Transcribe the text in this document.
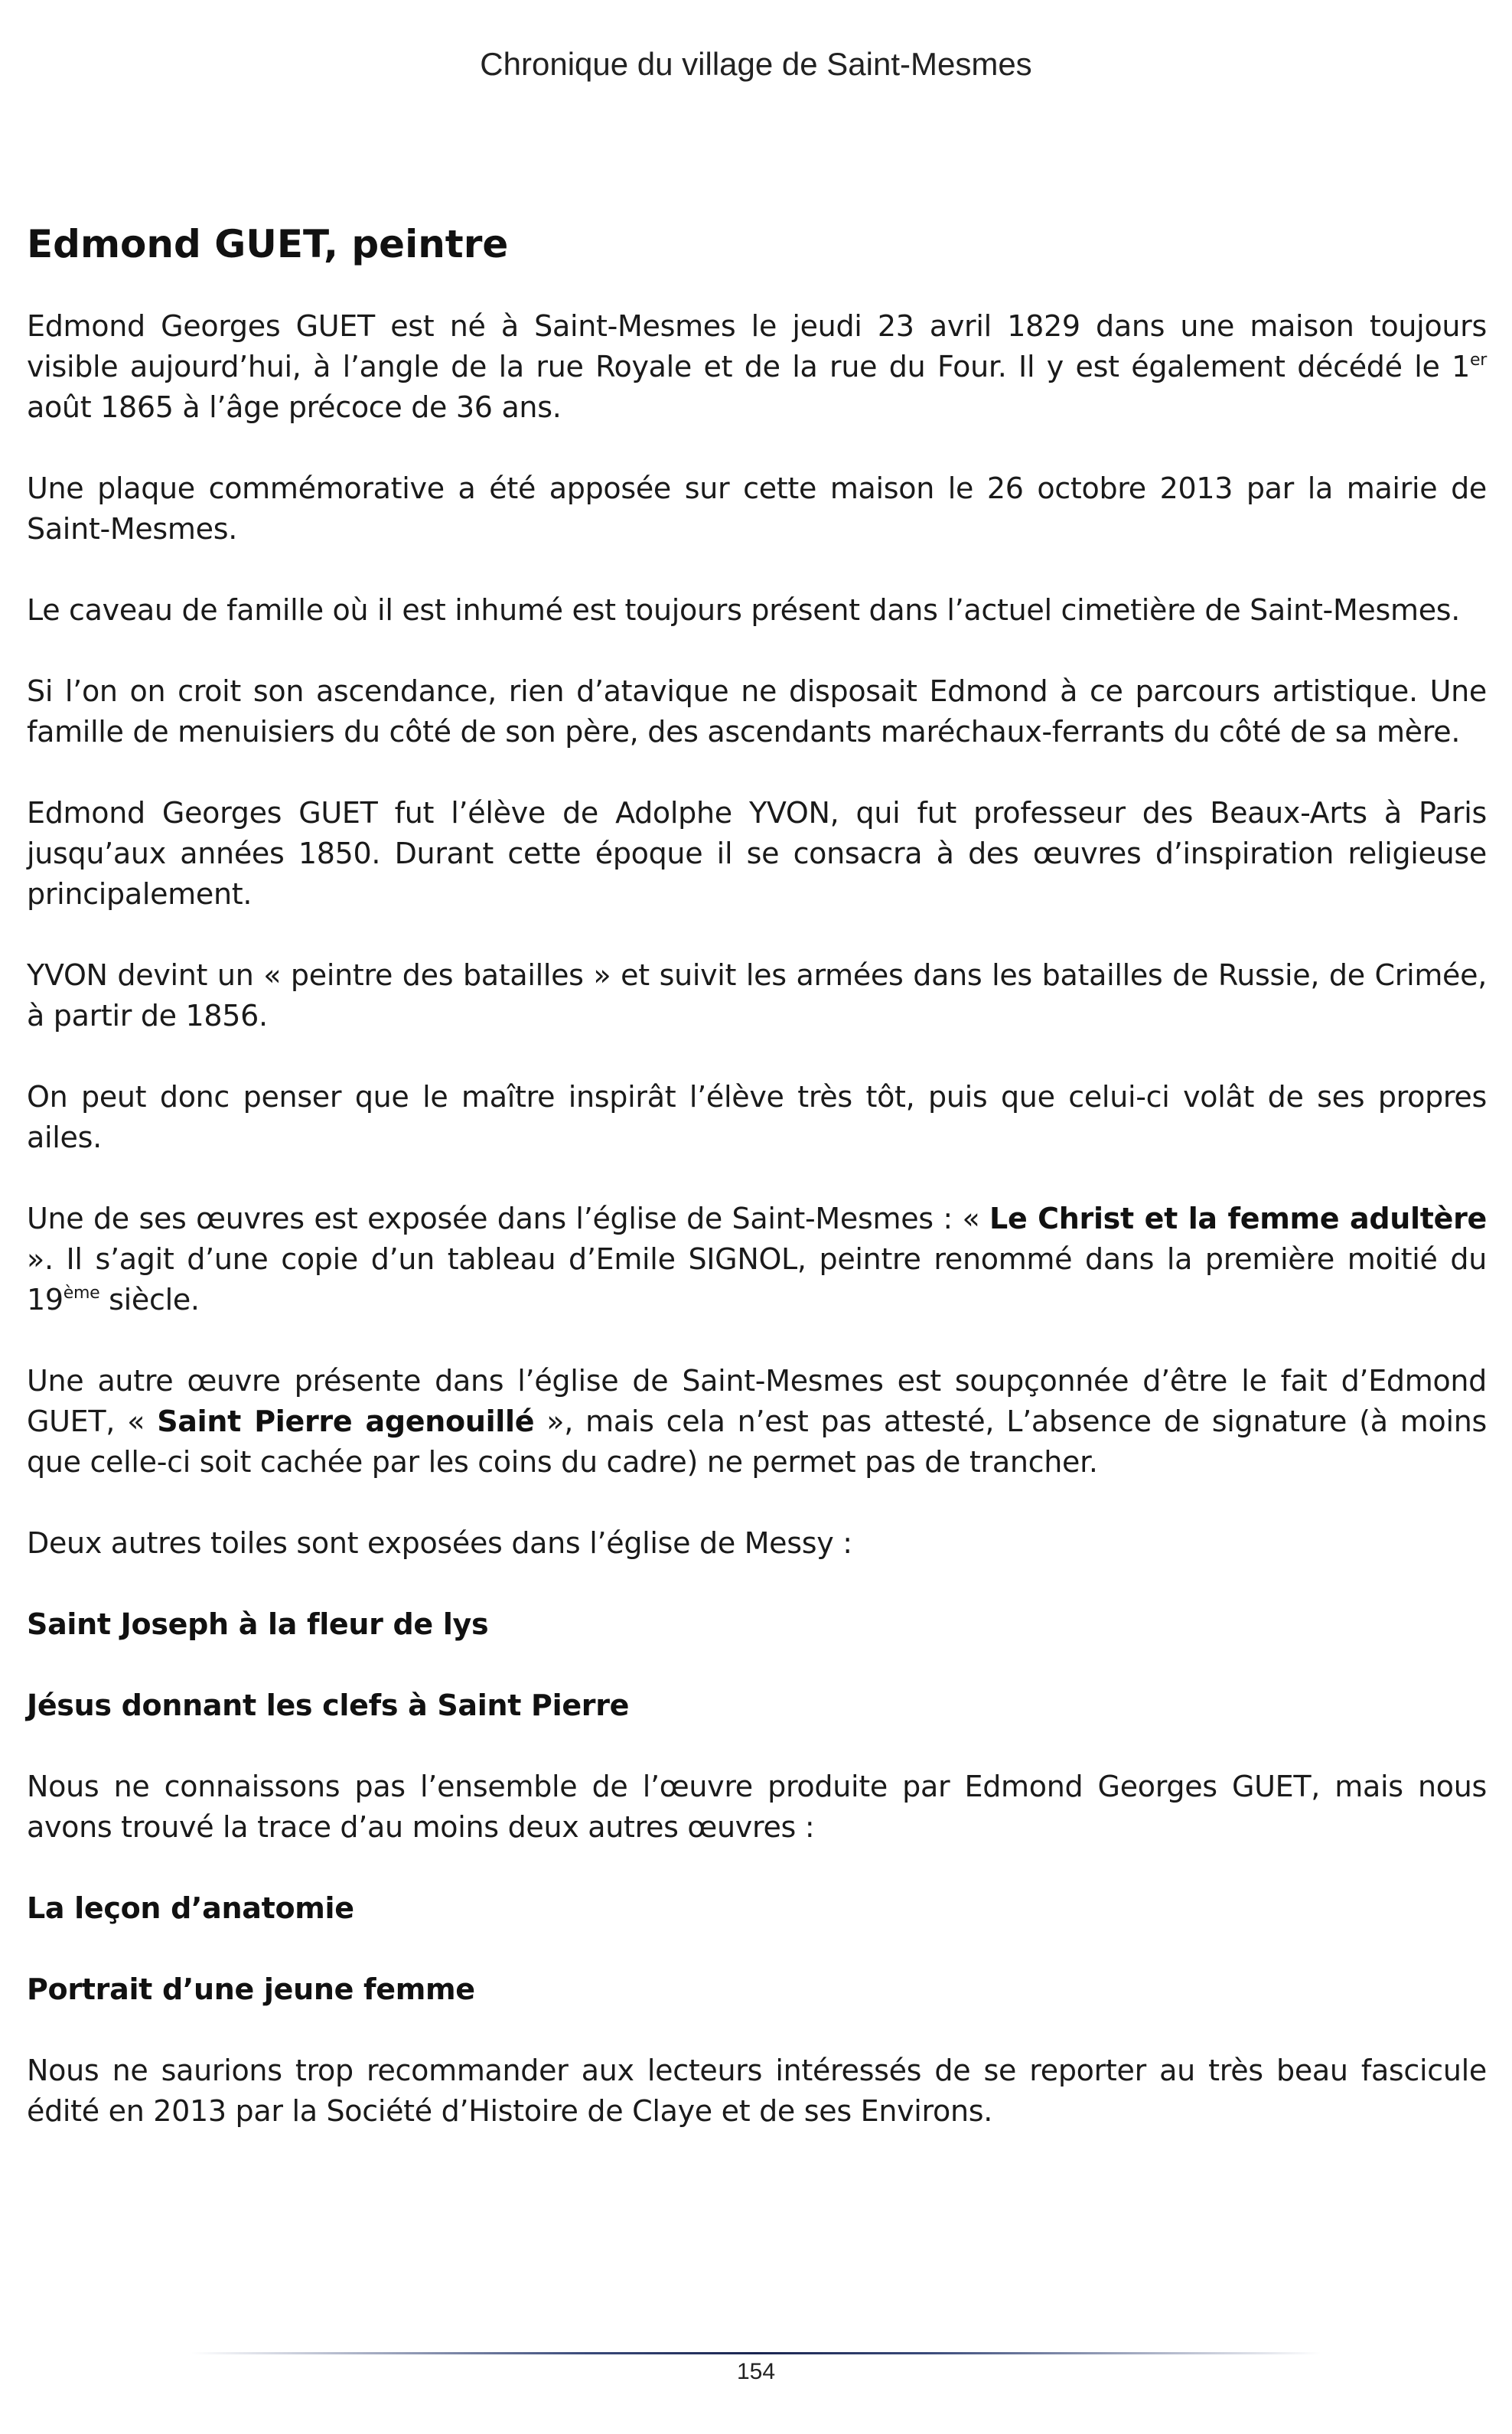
Chronique du village de Saint-Mesmes
Edmond GUET, peintre

Edmond Georges GUET est né à Saint-Mesmes le jeudi 23 avril 1829 dans une maison toujours visible aujourd’hui, à l’angle de la rue Royale et de la rue du Four. Il y est également décédé le 1er août 1865 à l’âge précoce de 36 ans.

Une plaque commémorative a été apposée sur cette maison le 26 octobre 2013 par la mairie de Saint-Mesmes.

Le caveau de famille où il est inhumé est toujours présent dans l’actuel cimetière de Saint-Mesmes.

Si l’on on croit son ascendance, rien d’atavique ne disposait Edmond à ce parcours artistique. Une famille de menuisiers du côté de son père, des ascendants maréchaux-ferrants du côté de sa mère.

Edmond Georges GUET fut l’élève de Adolphe YVON, qui fut professeur des Beaux-Arts à Paris jusqu’aux années 1850. Durant cette époque il se consacra à des œuvres d’inspiration religieuse principalement.

YVON devint un « peintre des batailles » et suivit les armées dans les batailles de Russie, de Crimée, à partir de 1856.

On peut donc penser que le maître inspirât l’élève très tôt, puis que celui-ci volât de ses propres ailes.

Une de ses œuvres est exposée dans l’église de Saint-Mesmes : « Le Christ et la femme adultère ». Il s’agit d’une copie d’un tableau d’Emile SIGNOL, peintre renommé dans la première moitié du 19ème siècle.

Une autre œuvre présente dans l’église de Saint-Mesmes est soupçonnée d’être le fait d’Edmond GUET, « Saint Pierre agenouillé », mais cela n’est pas attesté, L’absence de signature (à moins que celle-ci soit cachée par les coins du cadre) ne permet pas de trancher.

Deux autres toiles sont exposées dans l’église de Messy :

Saint Joseph à la fleur de lys

Jésus donnant les clefs à Saint Pierre

Nous ne connaissons pas l’ensemble de l’œuvre produite par Edmond Georges GUET, mais nous avons trouvé la trace d’au moins deux autres œuvres :

La leçon d’anatomie

Portrait d’une jeune femme

Nous ne saurions trop recommander aux lecteurs intéressés de se reporter au très beau fascicule édité en 2013 par la Société d’Histoire de Claye et de ses Environs.

154
